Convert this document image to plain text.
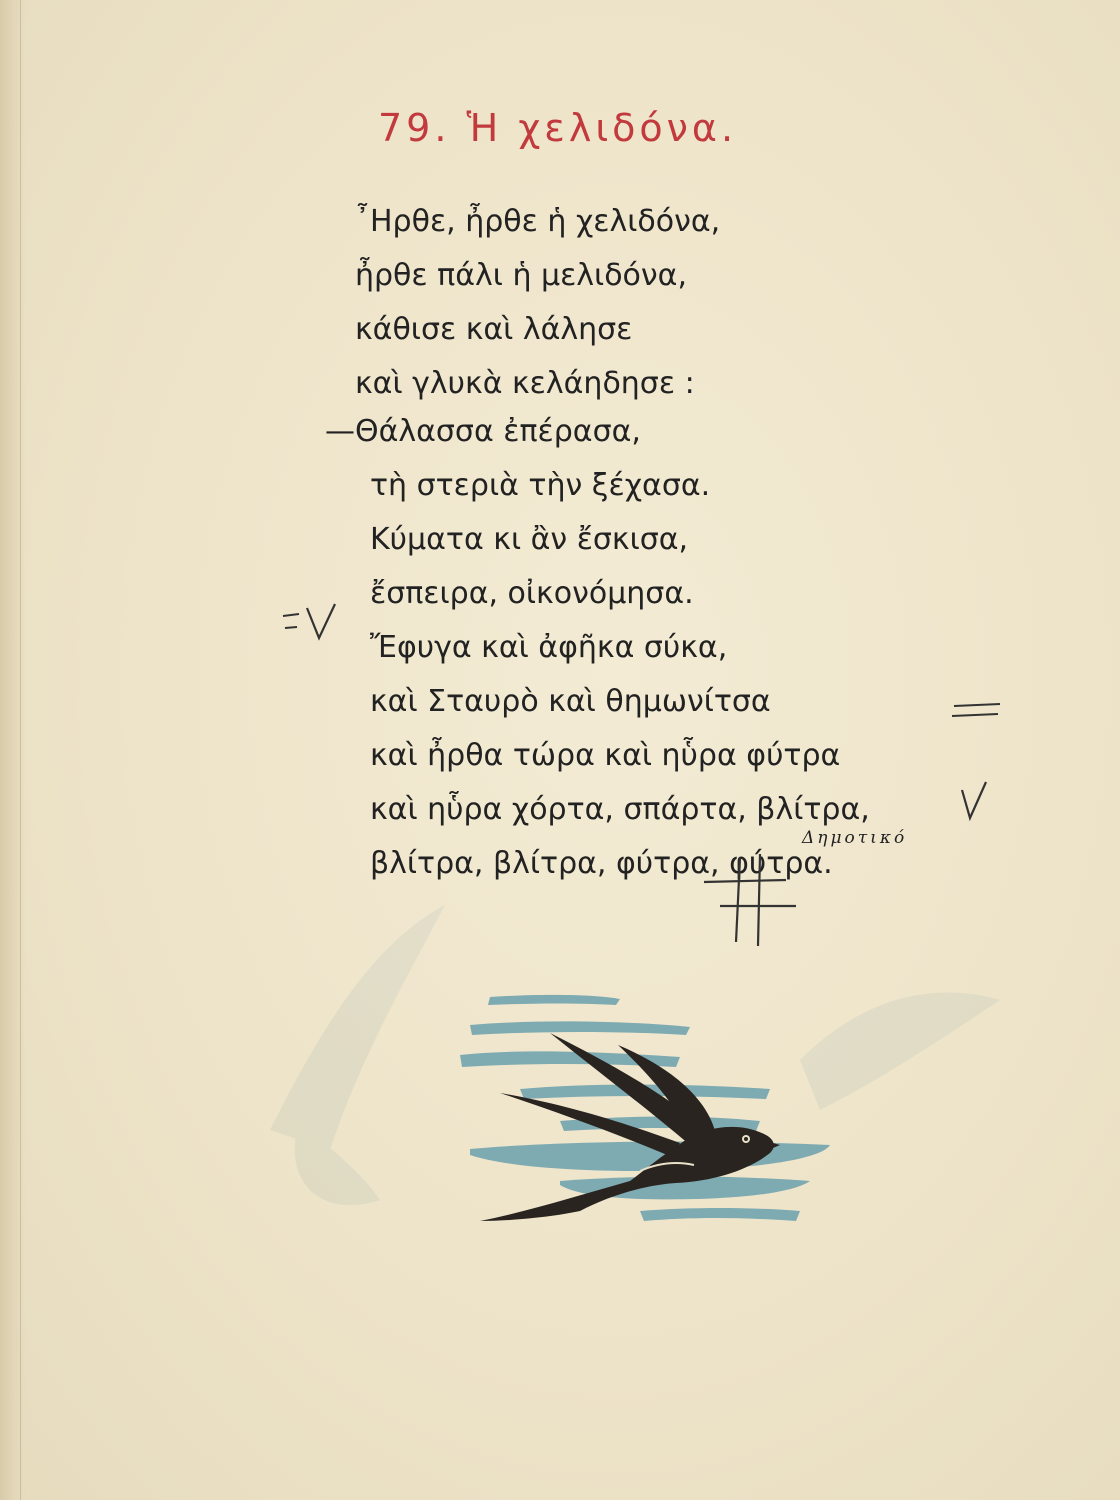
79. Ἡ χελιδόνα.
῏Ηρθε, ἦρθε ἡ χελιδόνα,
ἦρθε πάλι ἡ μελιδόνα,
κάθισε καὶ λάλησε
καὶ γλυκὰ κελάηδησε :
—Θάλασσα ἐπέρασα,
τὴ στεριὰ τὴν ξέχασα.
Κύματα κι ἂν ἔσκισα,
ἔσπειρα, οἰκονόμησα.
Ἔφυγα καὶ ἀφῆκα σύκα,
καὶ Σταυρὸ καὶ θημωνίτσα
καὶ ἦρθα τώρα καὶ ηὗρα φύτρα
καὶ ηὗρα χόρτα, σπάρτα, βλίτρα,
βλίτρα, βλίτρα, φύτρα, φύτρα.
Δημοτικό
